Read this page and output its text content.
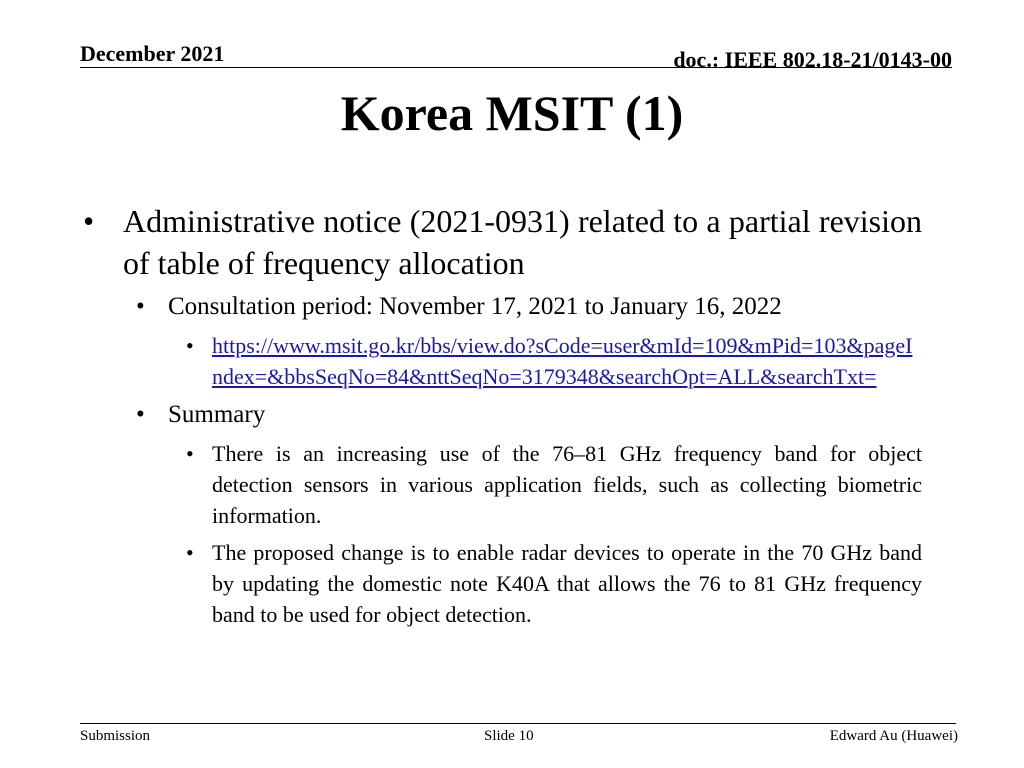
December 2021	doc.: IEEE 802.18-21/0143-00
Korea MSIT (1)
• Administrative notice (2021-0931) related to a partial revision of table of frequency allocation
• Consultation period: November 17, 2021 to January 16, 2022
• https://www.msit.go.kr/bbs/view.do?sCode=user&mId=109&mPid=103&pageIndex=&bbsSeqNo=84&nttSeqNo=3179348&searchOpt=ALL&searchTxt=
• Summary
• There is an increasing use of the 76–81 GHz frequency band for object detection sensors in various application fields, such as collecting biometric information.
• The proposed change is to enable radar devices to operate in the 70 GHz band by updating the domestic note K40A that allows the 76 to 81 GHz frequency band to be used for object detection.
Submission	Slide 10	Edward Au (Huawei)
